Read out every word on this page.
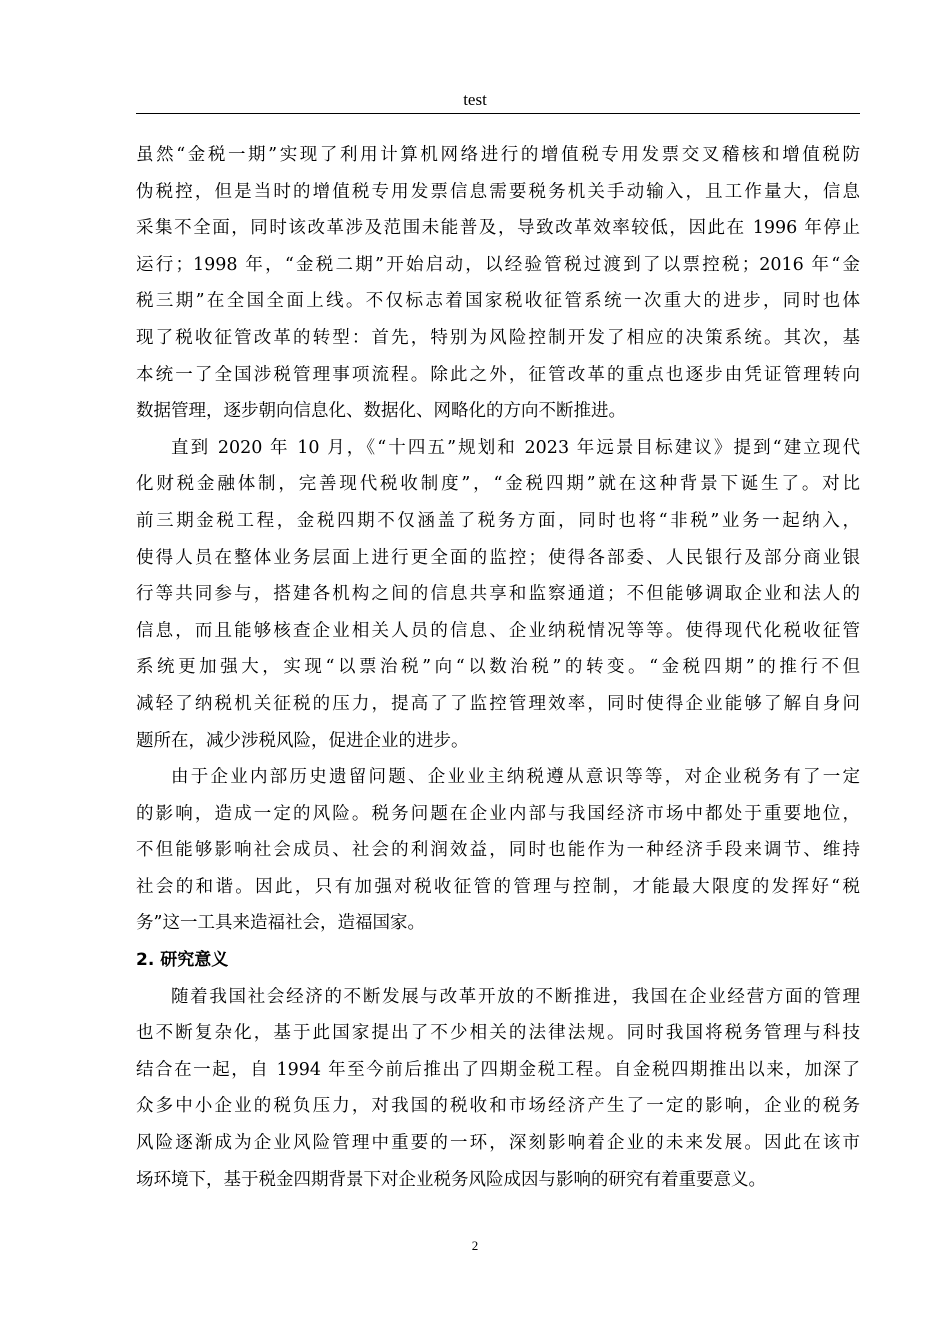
test

虽然“金税一期”实现了利用计算机网络进行的增值税专用发票交叉稽核和增值税防
伪税控，但是当时的增值税专用发票信息需要税务机关手动输入，且工作量大，信息
采集不全面，同时该改革涉及范围未能普及，导致改革效率较低，因此在 1996 年停止
运行；1998 年，“金税二期”开始启动，以经验管税过渡到了以票控税；2016 年“金
税三期”在全国全面上线。不仅标志着国家税收征管系统一次重大的进步，同时也体
现了税收征管改革的转型：首先，特别为风险控制开发了相应的决策系统。其次，基
本统一了全国涉税管理事项流程。除此之外，征管改革的重点也逐步由凭证管理转向
数据管理，逐步朝向信息化、数据化、网略化的方向不断推进。

直到 2020 年 10 月，《“十四五”规划和 2023 年远景目标建议》提到“建立现代
化财税金融体制，完善现代税收制度”，“金税四期”就在这种背景下诞生了。对比
前三期金税工程，金税四期不仅涵盖了税务方面，同时也将“非税”业务一起纳入，
使得人员在整体业务层面上进行更全面的监控；使得各部委、人民银行及部分商业银
行等共同参与，搭建各机构之间的信息共享和监察通道；不但能够调取企业和法人的
信息，而且能够核查企业相关人员的信息、企业纳税情况等等。使得现代化税收征管
系统更加强大，实现“以票治税”向“以数治税”的转变。“金税四期”的推行不但
减轻了纳税机关征税的压力，提高了了监控管理效率，同时使得企业能够了解自身问
题所在，减少涉税风险，促进企业的进步。

由于企业内部历史遗留问题、企业业主纳税遵从意识等等，对企业税务有了一定
的影响，造成一定的风险。税务问题在企业内部与我国经济市场中都处于重要地位，
不但能够影响社会成员、社会的利润效益，同时也能作为一种经济手段来调节、维持
社会的和谐。因此，只有加强对税收征管的管理与控制，才能最大限度的发挥好“税
务”这一工具来造福社会，造福国家。

2. 研究意义

随着我国社会经济的不断发展与改革开放的不断推进，我国在企业经营方面的管理
也不断复杂化，基于此国家提出了不少相关的法律法规。同时我国将税务管理与科技
结合在一起，自 1994 年至今前后推出了四期金税工程。自金税四期推出以来，加深了
众多中小企业的税负压力，对我国的税收和市场经济产生了一定的影响，企业的税务
风险逐渐成为企业风险管理中重要的一环，深刻影响着企业的未来发展。因此在该市
场环境下，基于税金四期背景下对企业税务风险成因与影响的研究有着重要意义。

2
